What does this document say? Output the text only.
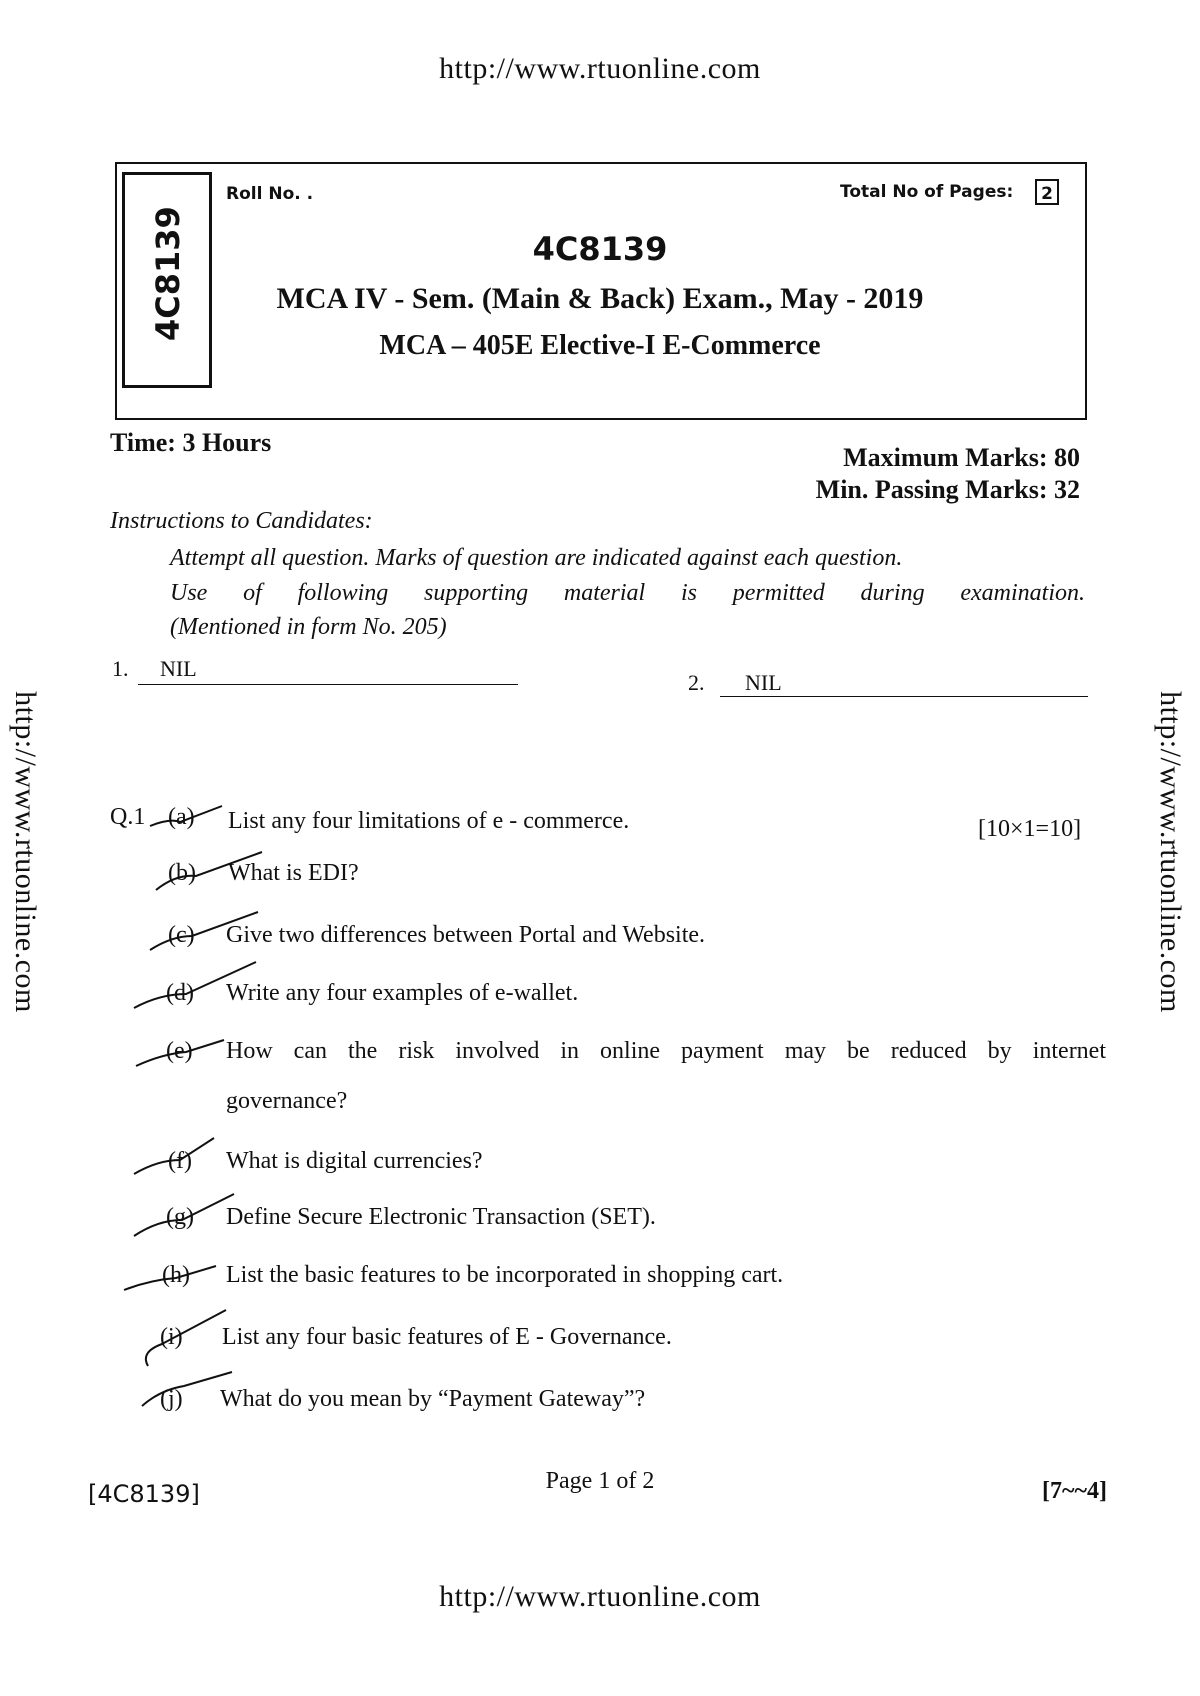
http://www.rtuonline.com
http://www.rtuonline.com	http://www.rtuonline.com
http://www.rtuonline.com
4C8139
Roll No. .	Total No of Pages:	2
4C8139
MCA IV - Sem. (Main & Back) Exam., May - 2019
MCA – 405E Elective-I E-Commerce
Time: 3 Hours
Maximum Marks: 80
Min. Passing Marks: 32
Instructions to Candidates:
Attempt all question. Marks of question are indicated against each question.
Use of following supporting material is permitted during examination.
(Mentioned in form No. 205)
1. NIL
2. NIL
Q.1	[10×1=10]
(a) List any four limitations of e - commerce.
(b) What is EDI?
(c) Give two differences between Portal and Website.
(d) Write any four examples of e-wallet.
(e) How can the risk involved in online payment may be reduced by internet
governance?
(f) What is digital currencies?
(g) Define Secure Electronic Transaction (SET).
(h) List the basic features to be incorporated in shopping cart.
(i) List any four basic features of E - Governance.
(j) What do you mean by “Payment Gateway”?
[4C8139]	Page 1 of 2	[7~~4]
